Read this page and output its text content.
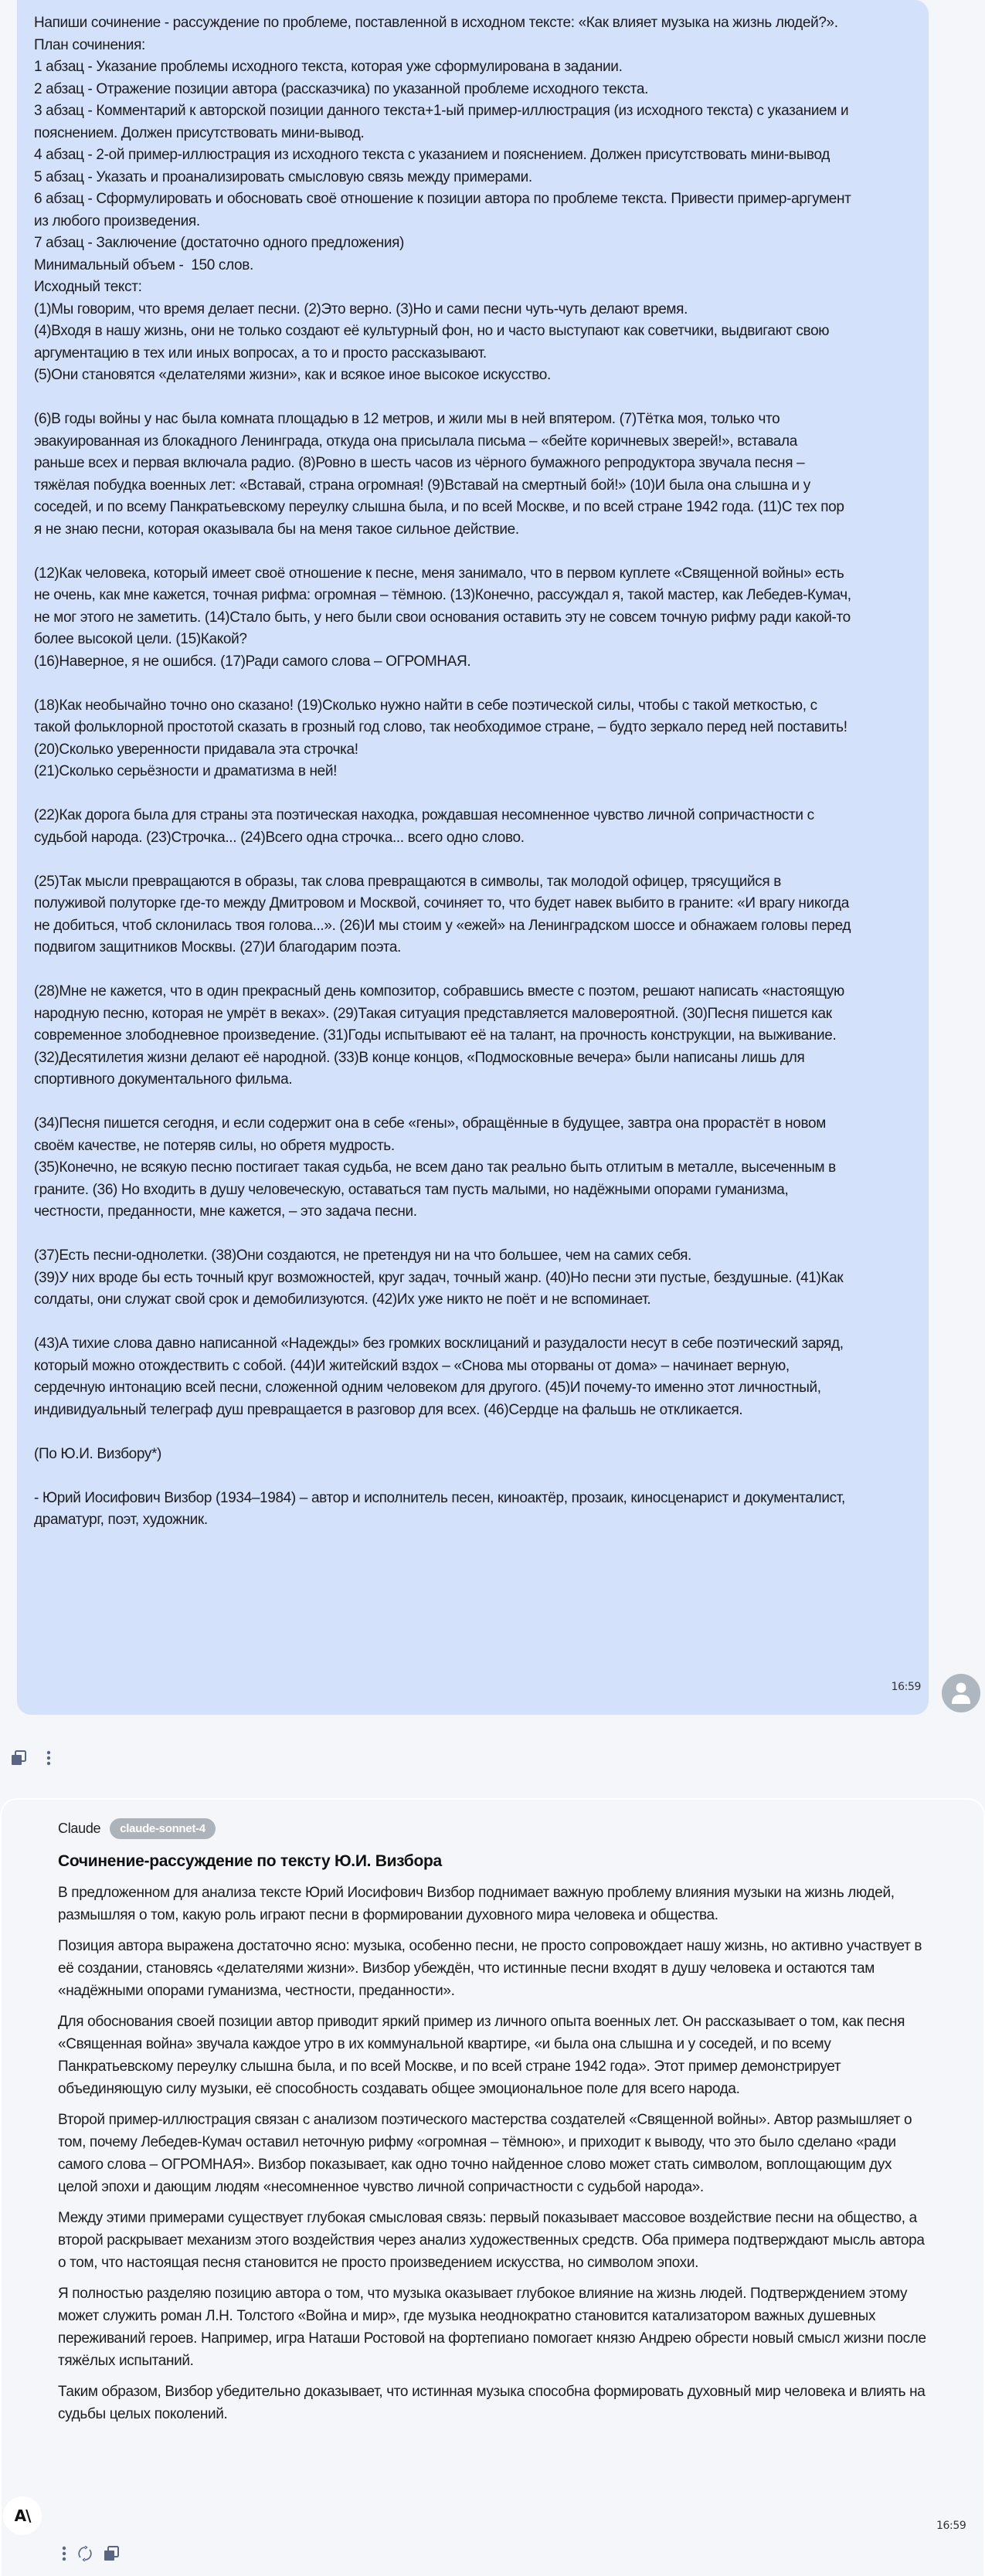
Напиши сочинение - рассуждение по проблеме, поставленной в исходном тексте: «Как влияет музыка на жизнь людей?».
План сочинения:
1 абзац - Указание проблемы исходного текста, которая уже сформулирована в задании.
2 абзац - Отражение позиции автора (рассказчика) по указанной проблеме исходного текста.
3 абзац - Комментарий к авторской позиции данного текста+1-ый пример-иллюстрация (из исходного текста) с указанием и пояснением. Должен присутствовать мини-вывод.
4 абзац - 2-ой пример-иллюстрация из исходного текста с указанием и пояснением. Должен присутствовать мини-вывод
5 абзац - Указать и проанализировать смысловую связь между примерами.
6 абзац - Сформулировать и обосновать своё отношение к позиции автора по проблеме текста. Привести пример-аргумент из любого произведения.
7 абзац - Заключение (достаточно одного предложения)
Минимальный объем -  150 слов.
Исходный текст:
(1)Мы говорим, что время делает песни. (2)Это верно. (3)Но и сами песни чуть-чуть делают время.
(4)Входя в нашу жизнь, они не только создают её культурный фон, но и часто выступают как советчики, выдвигают свою аргументацию в тех или иных вопросах, а то и просто рассказывают.
(5)Они становятся «делателями жизни», как и всякое иное высокое искусство.
(6)В годы войны у нас была комната площадью в 12 метров, и жили мы в ней впятером. (7)Тётка моя, только что эвакуированная из блокадного Ленинграда, откуда она присылала письма – «бейте коричневых зверей!», вставала раньше всех и первая включала радио. (8)Ровно в шесть часов из чёрного бумажного репродуктора звучала песня – тяжёлая побудка военных лет: «Вставай, страна огромная! (9)Вставай на смертный бой!» (10)И была она слышна и у соседей, и по всему Панкратьевскому переулку слышна была, и по всей Москве, и по всей стране 1942 года. (11)С тех пор я не знаю песни, которая оказывала бы на меня такое сильное действие.
(12)Как человека, который имеет своё отношение к песне, меня занимало, что в первом куплете «Священной войны» есть не очень, как мне кажется, точная рифма: огромная – тёмною. (13)Конечно, рассуждал я, такой мастер, как Лебедев-Кумач, не мог этого не заметить. (14)Стало быть, у него были свои основания оставить эту не совсем точную рифму ради какой-то более высокой цели. (15)Какой?
(16)Наверное, я не ошибся. (17)Ради самого слова – ОГРОМНАЯ.
(18)Как необычайно точно оно сказано! (19)Сколько нужно найти в себе поэтической силы, чтобы с такой меткостью, с такой фольклорной простотой сказать в грозный год слово, так необходимое стране, – будто зеркало перед ней поставить! (20)Сколько уверенности придавала эта строчка!
(21)Сколько серьёзности и драматизма в ней!
(22)Как дорога была для страны эта поэтическая находка, рождавшая несомненное чувство личной сопричастности с судьбой народа. (23)Строчка... (24)Всего одна строчка... всего одно слово.
(25)Так мысли превращаются в образы, так слова превращаются в символы, так молодой офицер, трясущийся в полуживой полуторке где-то между Дмитровом и Москвой, сочиняет то, что будет навек выбито в граните: «И врагу никогда не добиться, чтоб склонилась твоя голова...». (26)И мы стоим у «ежей» на Ленинградском шоссе и обнажаем головы перед подвигом защитников Москвы. (27)И благодарим поэта.
(28)Мне не кажется, что в один прекрасный день композитор, собравшись вместе с поэтом, решают написать «настоящую народную песню, которая не умрёт в веках». (29)Такая ситуация представляется маловероятной. (30)Песня пишется как современное злободневное произведение. (31)Годы испытывают её на талант, на прочность конструкции, на выживание. (32)Десятилетия жизни делают её народной. (33)В конце концов, «Подмосковные вечера» были написаны лишь для спортивного документального фильма.
(34)Песня пишется сегодня, и если содержит она в себе «гены», обращённые в будущее, завтра она прорастёт в новом своём качестве, не потеряв силы, но обретя мудрость.
(35)Конечно, не всякую песню постигает такая судьба, не всем дано так реально быть отлитым в металле, высеченным в граните. (36) Но входить в душу человеческую, оставаться там пусть малыми, но надёжными опорами гуманизма, честности, преданности, мне кажется, – это задача песни.
(37)Есть песни-однолетки. (38)Они создаются, не претендуя ни на что большее, чем на самих себя.
(39)У них вроде бы есть точный круг возможностей, круг задач, точный жанр. (40)Но песни эти пустые, бездушные. (41)Как солдаты, они служат свой срок и демобилизуются. (42)Их уже никто не поёт и не вспоминает.
(43)А тихие слова давно написанной «Надежды» без громких восклицаний и разудалости несут в себе поэтический заряд, который можно отождествить с собой. (44)И житейский вздох – «Снова мы оторваны от дома» – начинает верную, сердечную интонацию всей песни, сложенной одним человеком для другого. (45)И почему-то именно этот личностный, индивидуальный телеграф душ превращается в разговор для всех. (46)Сердце на фальшь не откликается.
(По Ю.И. Визбору*)
- Юрий Иосифович Визбор (1934–1984) – автор и исполнитель песен, киноактёр, прозаик, киносценарист и документалист, драматург, поэт, художник.
16:59
Claude	claude-sonnet-4
Сочинение-рассуждение по тексту Ю.И. Визбора

В предложенном для анализа тексте Юрий Иосифович Визбор поднимает важную проблему влияния музыки на жизнь людей, размышляя о том, какую роль играют песни в формировании духовного мира человека и общества.

Позиция автора выражена достаточно ясно: музыка, особенно песни, не просто сопровождает нашу жизнь, но активно участвует в её создании, становясь «делателями жизни». Визбор убеждён, что истинные песни входят в душу человека и остаются там «надёжными опорами гуманизма, честности, преданности».

Для обоснования своей позиции автор приводит яркий пример из личного опыта военных лет. Он рассказывает о том, как песня «Священная война» звучала каждое утро в их коммунальной квартире, «и была она слышна и у соседей, и по всему Панкратьевскому переулку слышна была, и по всей Москве, и по всей стране 1942 года». Этот пример демонстрирует объединяющую силу музыки, её способность создавать общее эмоциональное поле для всего народа.

Второй пример-иллюстрация связан с анализом поэтического мастерства создателей «Священной войны». Автор размышляет о том, почему Лебедев-Кумач оставил неточную рифму «огромная – тёмною», и приходит к выводу, что это было сделано «ради самого слова – ОГРОМНАЯ». Визбор показывает, как одно точно найденное слово может стать символом, воплощающим дух целой эпохи и дающим людям «несомненное чувство личной сопричастности с судьбой народа».

Между этими примерами существует глубокая смысловая связь: первый показывает массовое воздействие песни на общество, а второй раскрывает механизм этого воздействия через анализ художественных средств. Оба примера подтверждают мысль автора о том, что настоящая песня становится не просто произведением искусства, но символом эпохи.

Я полностью разделяю позицию автора о том, что музыка оказывает глубокое влияние на жизнь людей. Подтверждением этому может служить роман Л.Н. Толстого «Война и мир», где музыка неоднократно становится катализатором важных душевных переживаний героев. Например, игра Наташи Ростовой на фортепиано помогает князю Андрею обрести новый смысл жизни после тяжёлых испытаний.

Таким образом, Визбор убедительно доказывает, что истинная музыка способна формировать духовный мир человека и влиять на судьбы целых поколений.

A\
16:59
